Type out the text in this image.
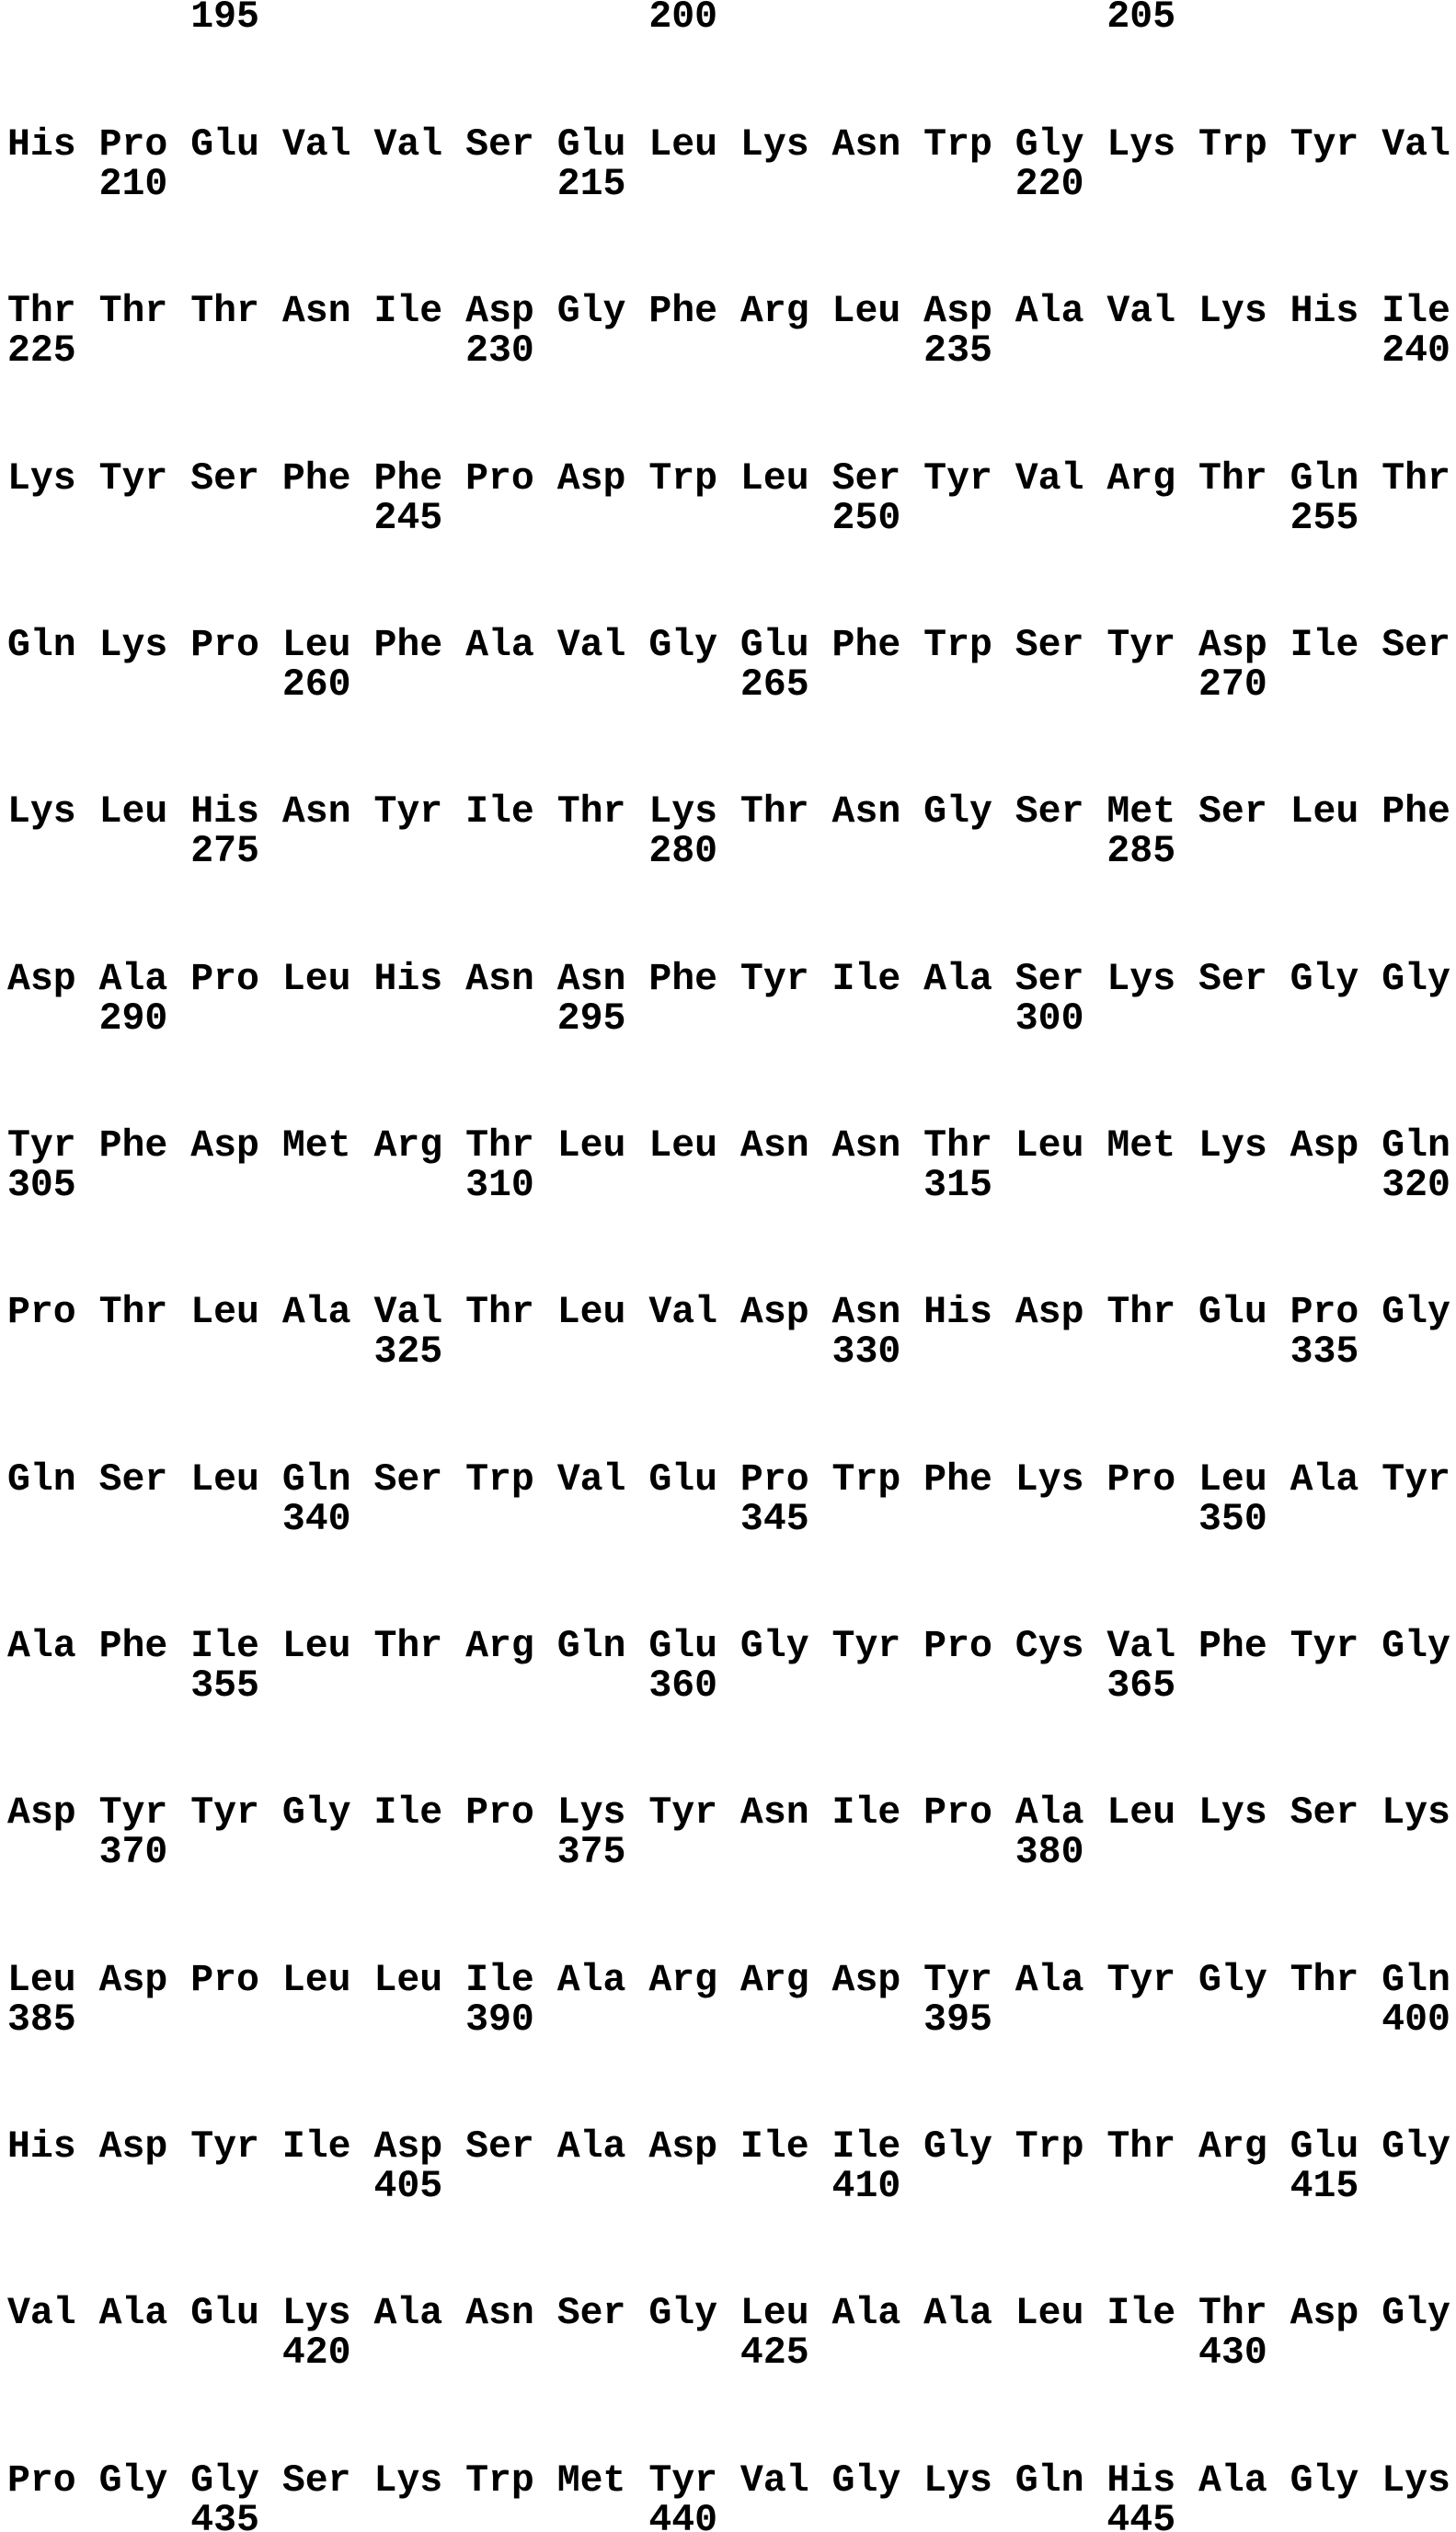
195                 200                 205
His Pro Glu Val Val Ser Glu Leu Lys Asn Trp Gly Lys Trp Tyr Val
210                 215                 220
Thr Thr Thr Asn Ile Asp Gly Phe Arg Leu Asp Ala Val Lys His Ile
225                 230                 235                 240
Lys Tyr Ser Phe Phe Pro Asp Trp Leu Ser Tyr Val Arg Thr Gln Thr
245                 250                 255
Gln Lys Pro Leu Phe Ala Val Gly Glu Phe Trp Ser Tyr Asp Ile Ser
260                 265                 270
Lys Leu His Asn Tyr Ile Thr Lys Thr Asn Gly Ser Met Ser Leu Phe
275                 280                 285
Asp Ala Pro Leu His Asn Asn Phe Tyr Ile Ala Ser Lys Ser Gly Gly
290                 295                 300
Tyr Phe Asp Met Arg Thr Leu Leu Asn Asn Thr Leu Met Lys Asp Gln
305                 310                 315                 320
Pro Thr Leu Ala Val Thr Leu Val Asp Asn His Asp Thr Glu Pro Gly
325                 330                 335
Gln Ser Leu Gln Ser Trp Val Glu Pro Trp Phe Lys Pro Leu Ala Tyr
340                 345                 350
Ala Phe Ile Leu Thr Arg Gln Glu Gly Tyr Pro Cys Val Phe Tyr Gly
355                 360                 365
Asp Tyr Tyr Gly Ile Pro Lys Tyr Asn Ile Pro Ala Leu Lys Ser Lys
370                 375                 380
Leu Asp Pro Leu Leu Ile Ala Arg Arg Asp Tyr Ala Tyr Gly Thr Gln
385                 390                 395                 400
His Asp Tyr Ile Asp Ser Ala Asp Ile Ile Gly Trp Thr Arg Glu Gly
405                 410                 415
Val Ala Glu Lys Ala Asn Ser Gly Leu Ala Ala Leu Ile Thr Asp Gly
420                 425                 430
Pro Gly Gly Ser Lys Trp Met Tyr Val Gly Lys Gln His Ala Gly Lys
435                 440                 445
